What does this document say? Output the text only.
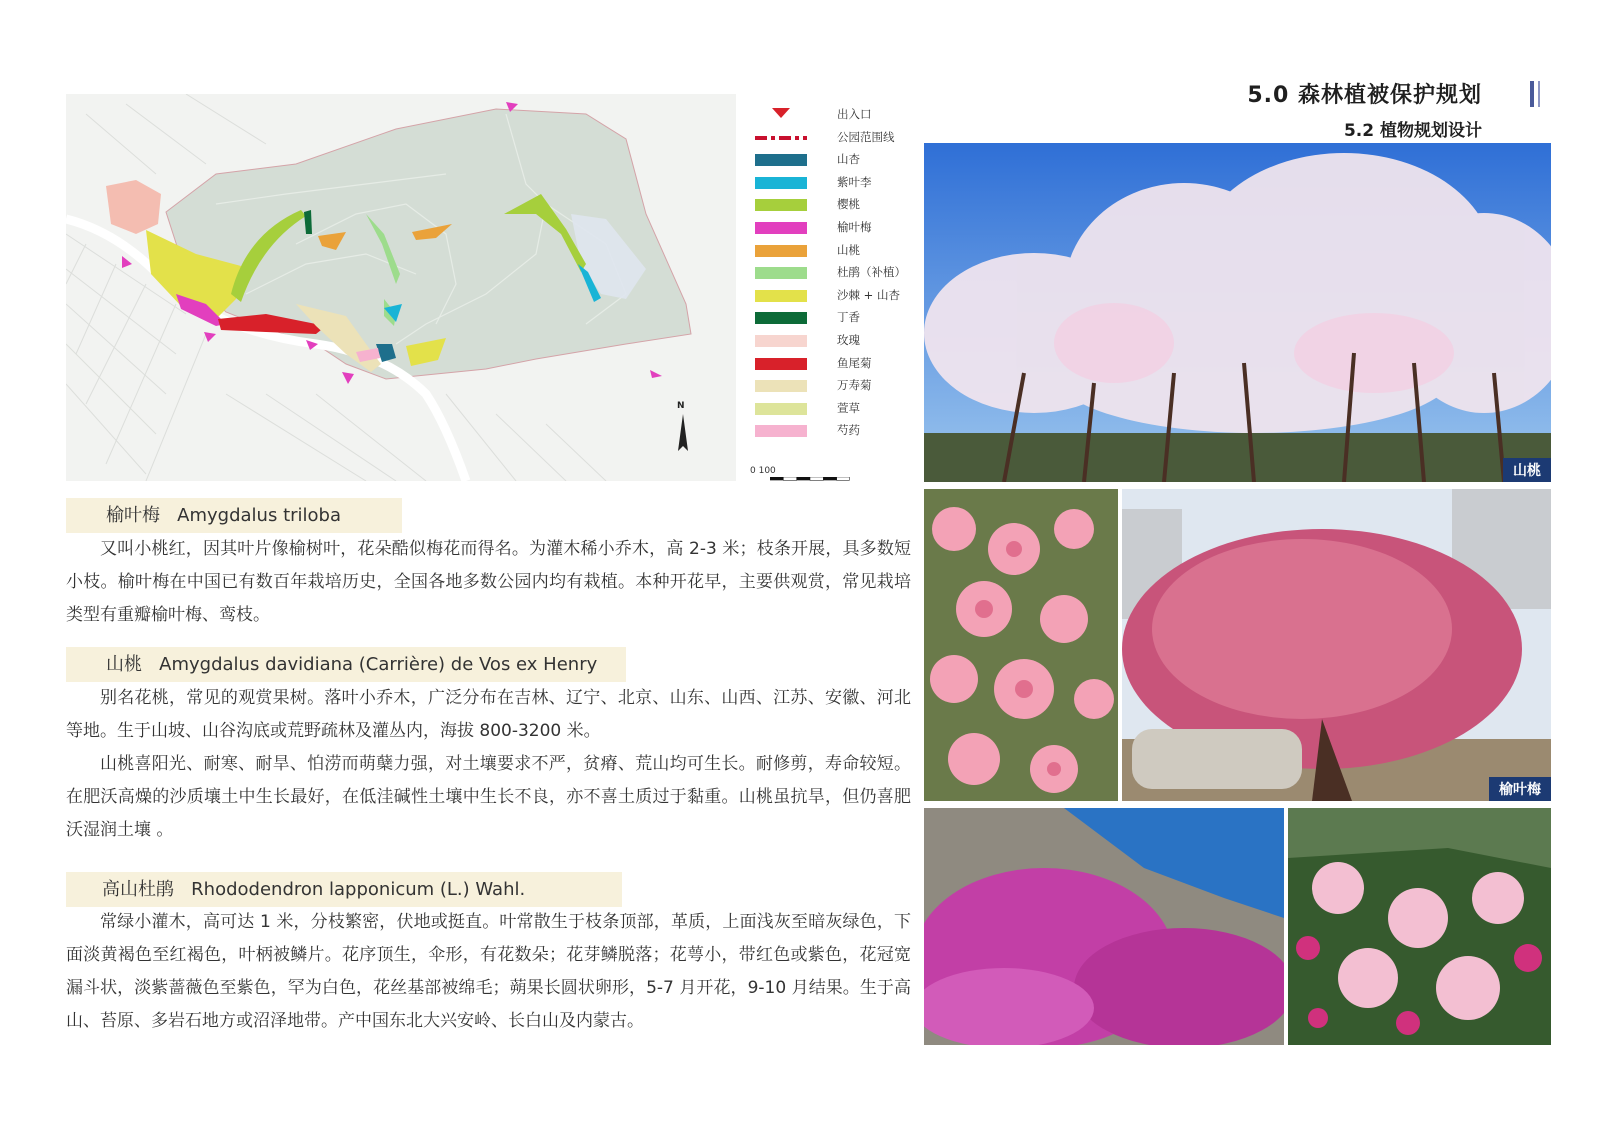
5.0 森林植被保护规划
5.2 植物规划设计
N
出入口
公园范围线
山杏
紫叶李
樱桃
榆叶梅
山桃
杜鹃（补植）
沙棘 + 山杏
丁香
玫瑰
鱼尾菊
万寿菊
萱草
芍药
0 100
榆叶梅 Amygdalus triloba
又叫小桃红，因其叶片像榆树叶，花朵酷似梅花而得名。为灌木稀小乔木，高 2-3 米；枝条开展，具多数短小枝。榆叶梅在中国已有数百年栽培历史，全国各地多数公园内均有栽植。本种开花早，主要供观赏，常见栽培类型有重瓣榆叶梅、鸾枝。
山桃 Amygdalus davidiana (Carrière) de Vos ex Henry
别名花桃，常见的观赏果树。落叶小乔木，广泛分布在吉林、辽宁、北京、山东、山西、江苏、安徽、河北等地。生于山坡、山谷沟底或荒野疏林及灌丛内，海拔 800-3200 米。
山桃喜阳光、耐寒、耐旱、怕涝而萌蘖力强，对土壤要求不严，贫瘠、荒山均可生长。耐修剪，寿命较短。在肥沃高燥的沙质壤土中生长最好，在低洼碱性土壤中生长不良，亦不喜土质过于黏重。山桃虽抗旱，但仍喜肥沃湿润土壤 。
高山杜鹃 Rhododendron lapponicum (L.) Wahl.
常绿小灌木，高可达 1 米，分枝繁密，伏地或挺直。叶常散生于枝条顶部，革质，上面浅灰至暗灰绿色，下面淡黄褐色至红褐色，叶柄被鳞片。花序顶生，伞形，有花数朵；花芽鳞脱落；花萼小，带红色或紫色，花冠宽漏斗状，淡紫蔷薇色至紫色，罕为白色，花丝基部被绵毛；蒴果长圆状卵形，5-7 月开花，9-10 月结果。生于高山、苔原、多岩石地方或沼泽地带。产中国东北大兴安岭、长白山及内蒙古。
山桃
榆叶梅
